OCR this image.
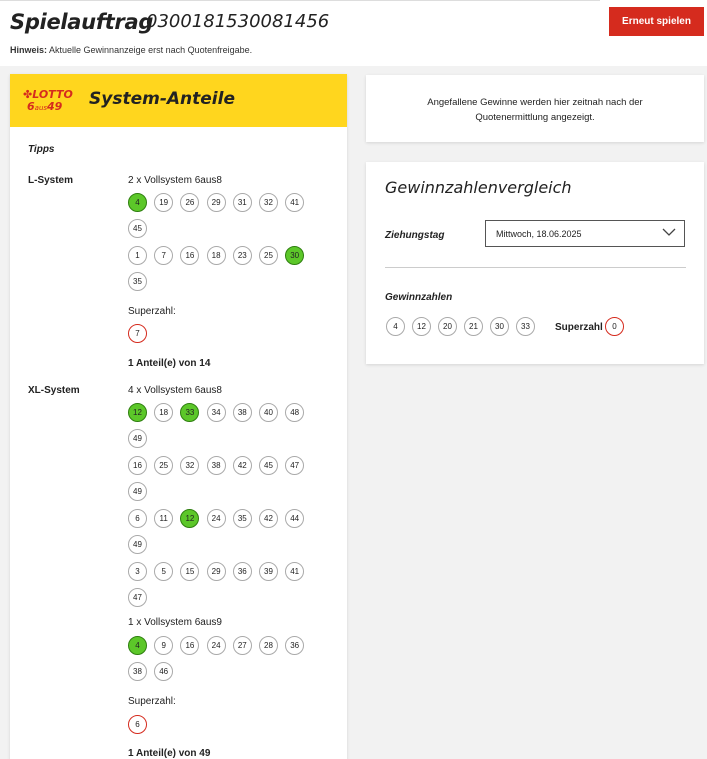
Spielauftrag
0300181530081456
Hinweis: Aktuelle Gewinnanzeige erst nach Quotenfreigabe.
Erneut spielen
✤LOTTO
6aus49 System-Anteile
Tipps
L-System	2 x Vollsystem 6aus8
4	19	26	29	31	32	41
45
1	7	16	18	23	25	30
35
Superzahl:
7
1 Anteil(e) von 14
XL-System	4 x Vollsystem 6aus8
12	18	33	34	38	40	48
49
16	25	32	38	42	45	47
49
6	11	12	24	35	42	44
49
3	5	15	29	36	39	41
47
1 x Vollsystem 6aus9
4	9	16	24	27	28	36
38	46
Superzahl:
6
1 Anteil(e) von 49
Angefallene Gewinne werden hier zeitnah nach der
Quotenermittlung angezeigt.
Gewinnzahlenvergleich
Ziehungstag	Mittwoch, 18.06.2025
Gewinnzahlen
4	12	20	21	30	33	Superzahl	0
